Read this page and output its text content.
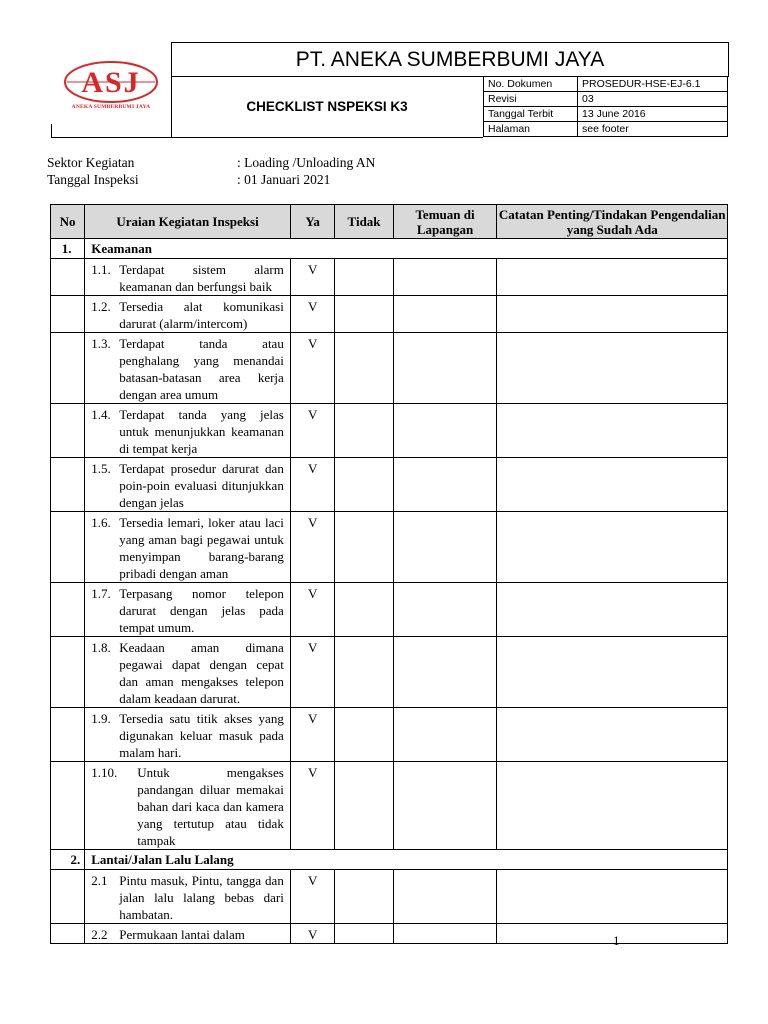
ASJ
ANEKA SUMBERBUMI JAYA
PT. ANEKA SUMBERBUMI JAYA
CHECKLIST NSPEKSI K3
No. Dokumen	PROSEDUR-HSE-EJ-6.1
Revisi	03
Tanggal Terbit	13 June 2016
Halaman	see footer
Sektor Kegiatan	: Loading /Unloading AN
Tanggal Inspeksi	: 01 Januari 2021
No	Uraian Kegiatan Inspeksi	Ya	Tidak	Temuan di Lapangan	Catatan Penting/Tindakan Pengendalian yang Sudah Ada
1.	Keamanan				

	1.1. Terdapat sistem alarm keamanan dan berfungsi baik	V			

	1.2. Tersedia alat komunikasi darurat (alarm/intercom)	V			

	1.3. Terdapat tanda atau penghalang yang menandai batasan-batasan area kerja dengan area umum	V			

	1.4. Terdapat tanda yang jelas untuk menunjukkan keamanan di tempat kerja	V			

	1.5. Terdapat prosedur darurat dan poin-poin evaluasi ditunjukkan dengan jelas	V			

	1.6. Tersedia lemari, loker atau laci yang aman bagi pegawai untuk menyimpan barang-barang pribadi dengan aman	V			

	1.7. Terpasang nomor telepon darurat dengan jelas pada tempat umum.	V			

	1.8. Keadaan aman dimana pegawai dapat dengan cepat dan aman mengakses telepon dalam keadaan darurat.	V			

	1.9. Tersedia satu titik akses yang digunakan keluar masuk pada malam hari.	V			

	1.10. Untuk mengakses pandangan diluar memakai bahan dari kaca dan kamera yang tertutup atau tidak tampak	V			
2.	Lantai/Jalan Lalu Lalang				

	2.1 Pintu masuk, Pintu, tangga dan jalan lalu lalang bebas dari hambatan.	V			

	2.2 Permukaan lantai dalam	V				1
